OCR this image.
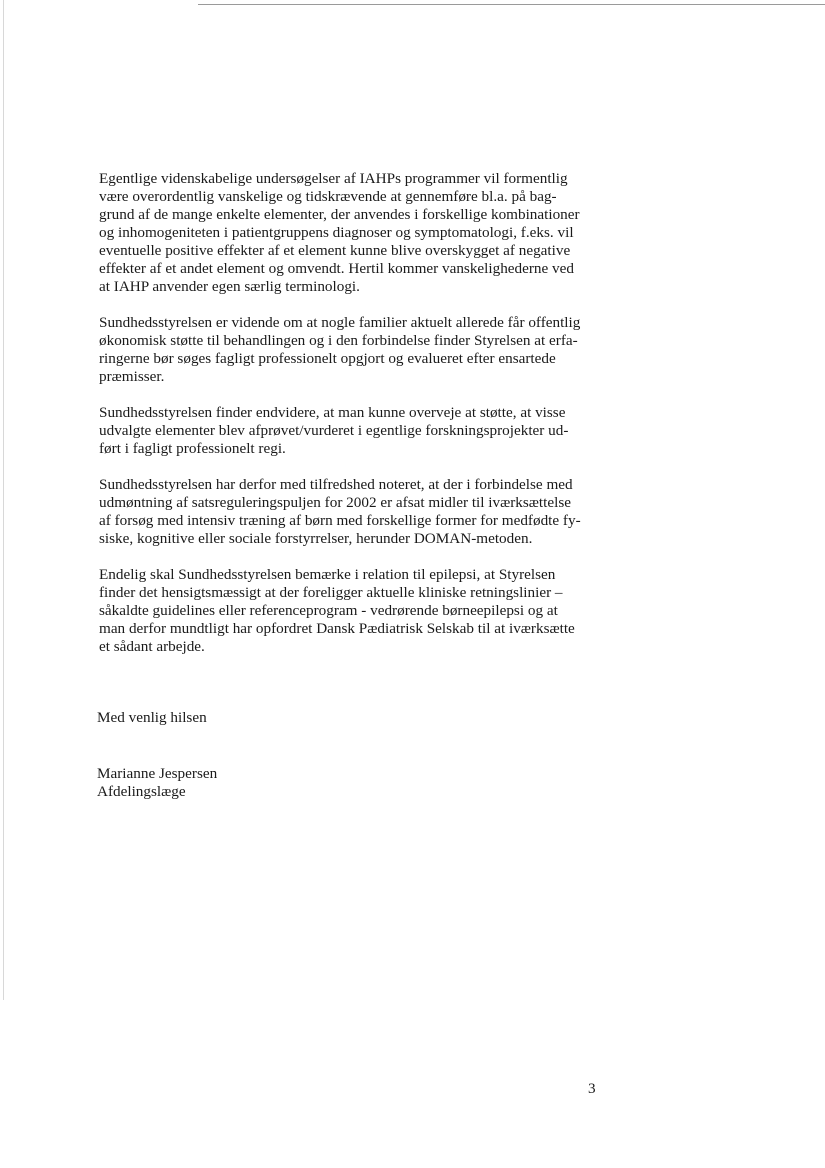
Egentlige videnskabelige undersøgelser af IAHPs programmer vil formentlig
være overordentlig vanskelige og tidskrævende at gennemføre bl.a. på bag-
grund af de mange enkelte elementer, der anvendes i forskellige kombinationer
og inhomogeniteten i patientgruppens diagnoser og symptomatologi, f.eks. vil
eventuelle positive effekter af et element kunne blive overskygget af negative
effekter af et andet element og omvendt. Hertil kommer vanskelighederne ved
at IAHP anvender egen særlig terminologi.

Sundhedsstyrelsen er vidende om at nogle familier aktuelt allerede får offentlig
økonomisk støtte til behandlingen og i den forbindelse finder Styrelsen at erfa-
ringerne bør søges fagligt professionelt opgjort og evalueret efter ensartede
præmisser.

Sundhedsstyrelsen finder endvidere, at man kunne overveje at støtte, at visse
udvalgte elementer blev afprøvet/vurderet i egentlige forskningsprojekter ud-
ført i fagligt professionelt regi.

Sundhedsstyrelsen har derfor med tilfredshed noteret, at der i forbindelse med
udmøntning af satsreguleringspuljen for 2002 er afsat midler til iværksættelse
af forsøg med intensiv træning af børn med forskellige former for medfødte fy-
siske, kognitive eller sociale forstyrrelser, herunder DOMAN-metoden.

Endelig skal Sundhedsstyrelsen bemærke i relation til epilepsi, at Styrelsen
finder det hensigtsmæssigt at der foreligger aktuelle kliniske retningslinier –
såkaldte guidelines eller referenceprogram - vedrørende børneepilepsi og at
man derfor mundtligt har opfordret Dansk Pædiatrisk Selskab til at iværksætte
et sådant arbejde.

Med venlig hilsen
Marianne Jespersen
Afdelingslæge
3
